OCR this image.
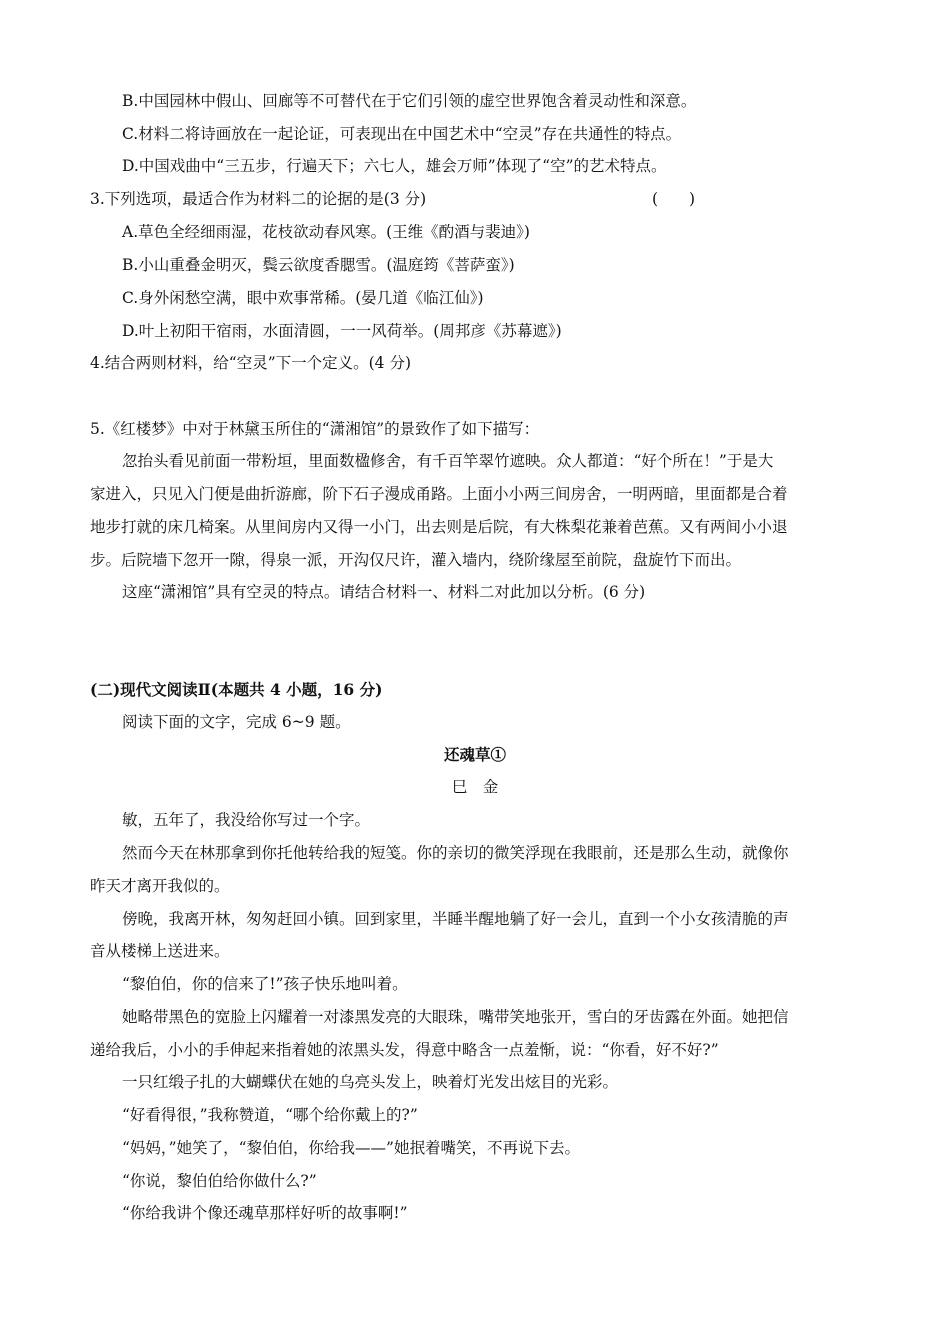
B.中国园林中假山、回廊等不可替代在于它们引领的虚空世界饱含着灵动性和深意。
C.材料二将诗画放在一起论证，可表现出在中国艺术中“空灵”存在共通性的特点。
D.中国戏曲中“三五步，行遍天下；六七人，雄会万师”体现了“空”的艺术特点。
3.下列选项，最适合作为材料二的论据的是(3 分)	(　　)
A.草色全经细雨湿，花枝欲动春风寒。(王维《酌酒与裴迪》)
B.小山重叠金明灭，鬓云欲度香腮雪。(温庭筠《菩萨蛮》)
C.身外闲愁空满，眼中欢事常稀。(晏几道《临江仙》)
D.叶上初阳干宿雨，水面清圆，一一风荷举。(周邦彦《苏幕遮》)
4.结合两则材料，给“空灵”下一个定义。(4 分)
5.《红楼梦》中对于林黛玉所住的“潇湘馆”的景致作了如下描写：
忽抬头看见前面一带粉垣，里面数楹修舍，有千百竿翠竹遮映。众人都道：“好个所在！”于是大
家进入，只见入门便是曲折游廊，阶下石子漫成甬路。上面小小两三间房舍，一明两暗，里面都是合着
地步打就的床几椅案。从里间房内又得一小门，出去则是后院，有大株梨花兼着芭蕉。又有两间小小退
步。后院墙下忽开一隙，得泉一派，开沟仅尺许，灌入墙内，绕阶缘屋至前院，盘旋竹下而出。
这座“潇湘馆”具有空灵的特点。请结合材料一、材料二对此加以分析。(6 分)
(二)现代文阅读Ⅱ(本题共 4 小题，16 分)
阅读下面的文字，完成 6~9 题。
还魂草①
巳　金
敏，五年了，我没给你写过一个字。
然而今天在林那拿到你托他转给我的短笺。你的亲切的微笑浮现在我眼前，还是那么生动，就像你
昨天才离开我似的。
傍晚，我离开林，匆匆赶回小镇。回到家里，半睡半醒地躺了好一会儿，直到一个小女孩清脆的声
音从楼梯上送进来。
“黎伯伯，你的信来了!”孩子快乐地叫着。
她略带黑色的宽脸上闪耀着一对漆黑发亮的大眼珠，嘴带笑地张开，雪白的牙齿露在外面。她把信
递给我后，小小的手伸起来指着她的浓黑头发，得意中略含一点羞惭，说：“你看，好不好?”
一只红缎子扎的大蝴蝶伏在她的乌亮头发上，映着灯光发出炫目的光彩。
“好看得很，”我称赞道，“哪个给你戴上的?”
“妈妈，”她笑了，“黎伯伯，你给我——”她抿着嘴笑，不再说下去。
“你说，黎伯伯给你做什么?”
“你给我讲个像还魂草那样好听的故事啊!”
